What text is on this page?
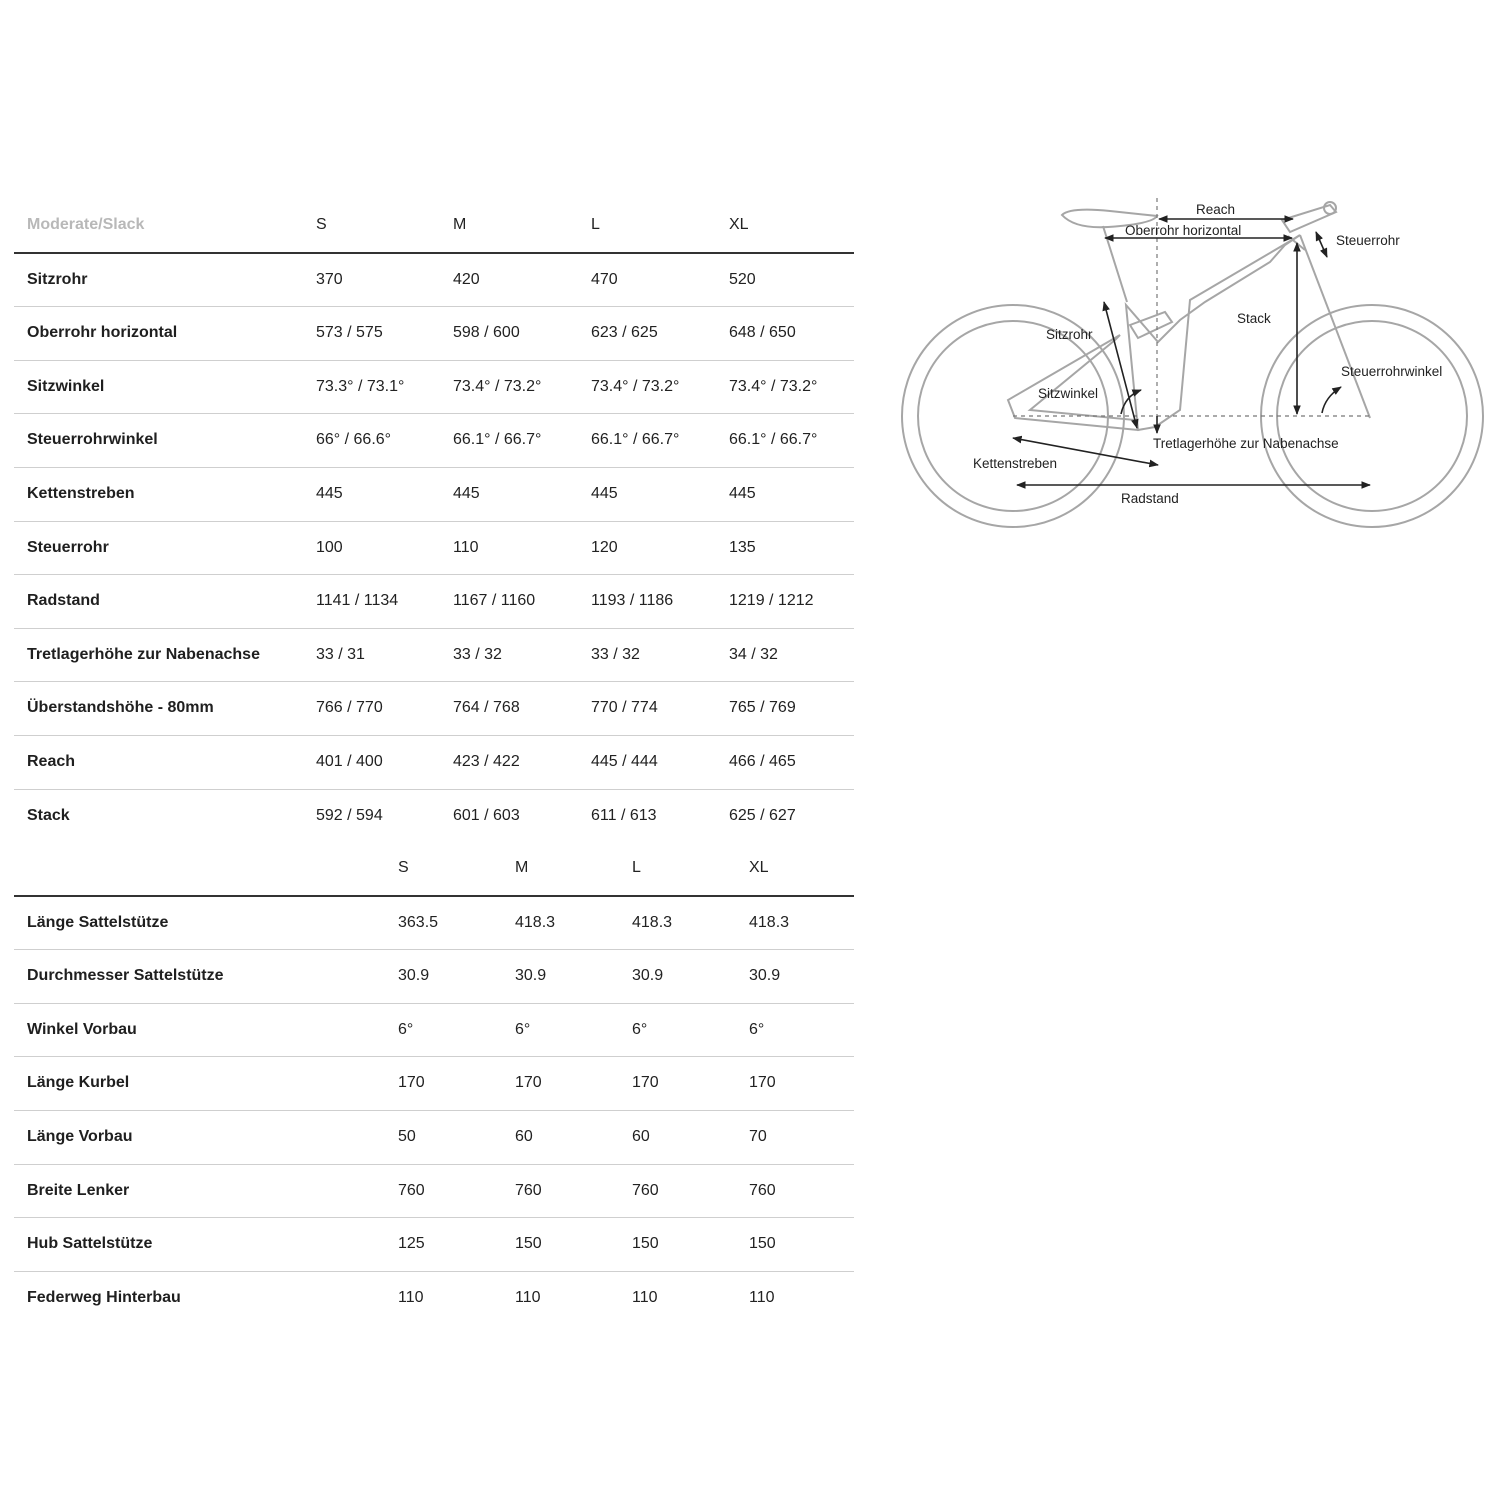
Moderate/Slack	S	M	L	XL
Sitzrohr	370	420	470	520
Oberrohr horizontal	573 / 575	598 / 600	623 / 625	648 / 650
Sitzwinkel	73.3° / 73.1°	73.4° / 73.2°	73.4° / 73.2°	73.4° / 73.2°
Steuerrohrwinkel	66° / 66.6°	66.1° / 66.7°	66.1° / 66.7°	66.1° / 66.7°
Kettenstreben	445	445	445	445
Steuerrohr	100	110	120	135
Radstand	1141 / 1134	1167 / 1160	1193 / 1186	1219 / 1212
Tretlagerhöhe zur Nabenachse	33 / 31	33 / 32	33 / 32	34 / 32
Überstandshöhe - 80mm	766 / 770	764 / 768	770 / 774	765 / 769
Reach	401 / 400	423 / 422	445 / 444	466 / 465
Stack	592 / 594	601 / 603	611 / 613	625 / 627
S	M	L	XL
Länge Sattelstütze	363.5	418.3	418.3	418.3
Durchmesser Sattelstütze	30.9	30.9	30.9	30.9
Winkel Vorbau	6°	6°	6°	6°
Länge Kurbel	170	170	170	170
Länge Vorbau	50	60	60	70
Breite Lenker	760	760	760	760
Hub Sattelstütze	125	150	150	150
Federweg Hinterbau	110	110	110	110
Reach
Oberrohr horizontal
Steuerrohr
Sitzrohr
Stack
Sitzwinkel
Steuerrohrwinkel
Tretlagerhöhe zur Nabenachse
Kettenstreben
Radstand
